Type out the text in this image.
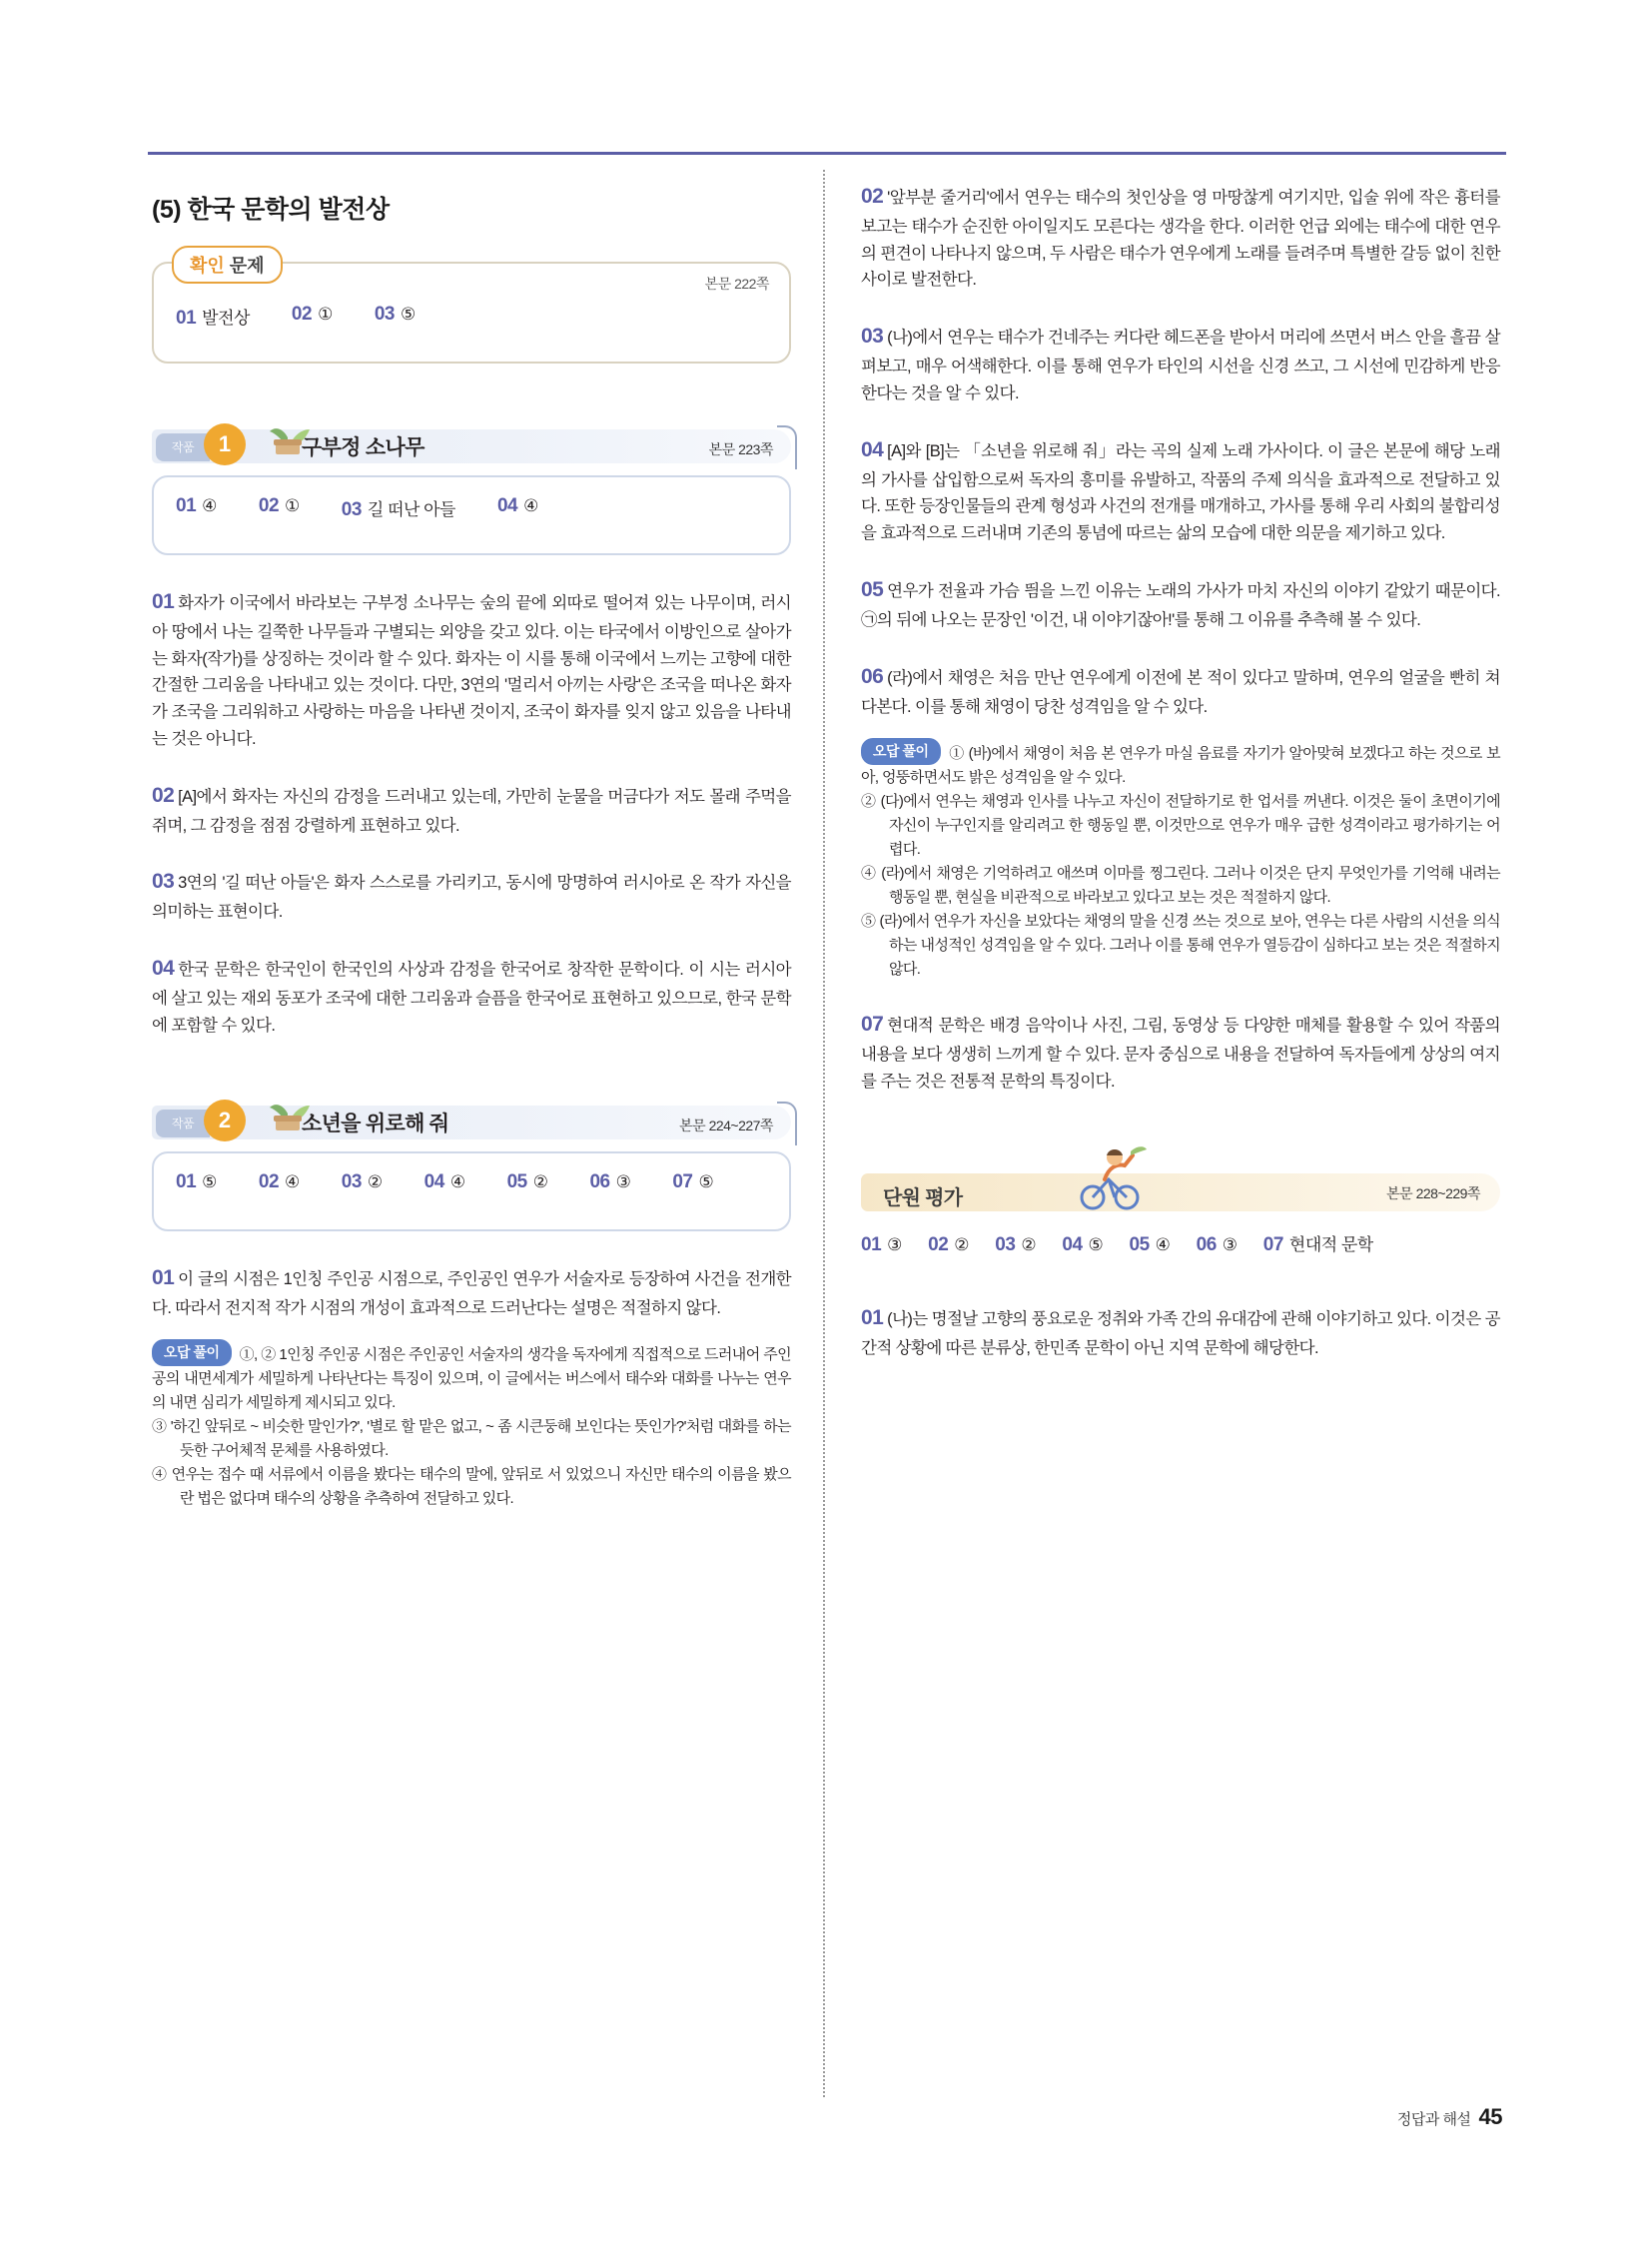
(5) 한국 문학의 발전상
확인 문제
본문 222쪽
01 발전상 02 ① 03 ⑤
작품	1	구부정 소나무	본문 223쪽
01 ④ 02 ① 03 길 떠난 아들 04 ④

01 화자가 이국에서 바라보는 구부정 소나무는 숲의 끝에 외따로 떨어져 있는 나무이며, 러시아 땅에서 나는 길쭉한 나무들과 구별되는 외양을 갖고 있다. 이는 타국에서 이방인으로 살아가는 화자(작가)를 상징하는 것이라 할 수 있다. 화자는 이 시를 통해 이국에서 느끼는 고향에 대한 간절한 그리움을 나타내고 있는 것이다. 다만, 3연의 '멀리서 아끼는 사랑'은 조국을 떠나온 화자가 조국을 그리워하고 사랑하는 마음을 나타낸 것이지, 조국이 화자를 잊지 않고 있음을 나타내는 것은 아니다.

02 [A]에서 화자는 자신의 감정을 드러내고 있는데, 가만히 눈물을 머금다가 저도 몰래 주먹을 쥐며, 그 감정을 점점 강렬하게 표현하고 있다.

03 3연의 '길 떠난 아들'은 화자 스스로를 가리키고, 동시에 망명하여 러시아로 온 작가 자신을 의미하는 표현이다.

04 한국 문학은 한국인이 한국인의 사상과 감정을 한국어로 창작한 문학이다. 이 시는 러시아에 살고 있는 재외 동포가 조국에 대한 그리움과 슬픔을 한국어로 표현하고 있으므로, 한국 문학에 포함할 수 있다.

작품	2	소년을 위로해 줘	본문 224~227쪽
01 ⑤ 02 ④ 03 ② 04 ④ 05 ② 06 ③ 07 ⑤

01 이 글의 시점은 1인칭 주인공 시점으로, 주인공인 연우가 서술자로 등장하여 사건을 전개한다. 따라서 전지적 작가 시점의 개성이 효과적으로 드러난다는 설명은 적절하지 않다.

오답 풀이 ①, ② 1인칭 주인공 시점은 주인공인 서술자의 생각을 독자에게 직접적으로 드러내어 주인공의 내면세계가 세밀하게 나타난다는 특징이 있으며, 이 글에서는 버스에서 태수와 대화를 나누는 연우의 내면 심리가 세밀하게 제시되고 있다.
③ '하긴 앞뒤로 ~ 비슷한 말인가?', '별로 할 맡은 없고, ~ 좀 시큰둥해 보인다는 뜻인가?'처럼 대화를 하는 듯한 구어체적 문체를 사용하였다.
④ 연우는 접수 때 서류에서 이름을 봤다는 태수의 말에, 앞뒤로 서 있었으니 자신만 태수의 이름을 봤으란 법은 없다며 태수의 상황을 추측하여 전달하고 있다.

02 '앞부분 줄거리'에서 연우는 태수의 첫인상을 영 마땅찮게 여기지만, 입술 위에 작은 흉터를 보고는 태수가 순진한 아이일지도 모른다는 생각을 한다. 이러한 언급 외에는 태수에 대한 연우의 편견이 나타나지 않으며, 두 사람은 태수가 연우에게 노래를 들려주며 특별한 갈등 없이 친한 사이로 발전한다.

03 (나)에서 연우는 태수가 건네주는 커다란 헤드폰을 받아서 머리에 쓰면서 버스 안을 흘끔 살펴보고, 매우 어색해한다. 이를 통해 연우가 타인의 시선을 신경 쓰고, 그 시선에 민감하게 반응한다는 것을 알 수 있다.

04 [A]와 [B]는 「소년을 위로해 줘」라는 곡의 실제 노래 가사이다. 이 글은 본문에 해당 노래의 가사를 삽입함으로써 독자의 흥미를 유발하고, 작품의 주제 의식을 효과적으로 전달하고 있다. 또한 등장인물들의 관계 형성과 사건의 전개를 매개하고, 가사를 통해 우리 사회의 불합리성을 효과적으로 드러내며 기존의 통념에 따르는 삶의 모습에 대한 의문을 제기하고 있다.

05 연우가 전율과 가슴 띔을 느낀 이유는 노래의 가사가 마치 자신의 이야기 같았기 때문이다. ㉠의 뒤에 나오는 문장인 '이건, 내 이야기잖아!'를 통해 그 이유를 추측해 볼 수 있다.

06 (라)에서 채영은 처음 만난 연우에게 이전에 본 적이 있다고 말하며, 연우의 얼굴을 빤히 쳐다본다. 이를 통해 채영이 당찬 성격임을 알 수 있다.

오답 풀이 ① (바)에서 채영이 처음 본 연우가 마실 음료를 자기가 알아맞혀 보겠다고 하는 것으로 보아, 엉뚱하면서도 밝은 성격임을 알 수 있다.
② (다)에서 연우는 채영과 인사를 나누고 자신이 전달하기로 한 업서를 꺼낸다. 이것은 둘이 초면이기에 자신이 누구인지를 알리려고 한 행동일 뿐, 이것만으로 연우가 매우 급한 성격이라고 평가하기는 어렵다.
④ (라)에서 채영은 기억하려고 애쓰며 이마를 찡그린다. 그러나 이것은 단지 무엇인가를 기억해 내려는 행동일 뿐, 현실을 비관적으로 바라보고 있다고 보는 것은 적절하지 않다.
⑤ (라)에서 연우가 자신을 보았다는 채영의 말을 신경 쓰는 것으로 보아, 연우는 다른 사람의 시선을 의식하는 내성적인 성격임을 알 수 있다. 그러나 이를 통해 연우가 열등감이 심하다고 보는 것은 적절하지 않다.

07 현대적 문학은 배경 음악이나 사진, 그림, 동영상 등 다양한 매체를 활용할 수 있어 작품의 내용을 보다 생생히 느끼게 할 수 있다. 문자 중심으로 내용을 전달하여 독자들에게 상상의 여지를 주는 것은 전통적 문학의 특징이다.

단원 평가	본문 228~229쪽
01 ③ 02 ② 03 ② 04 ⑤ 05 ④ 06 ③ 07 현대적 문학

01 (나)는 명절날 고향의 풍요로운 정취와 가족 간의 유대감에 관해 이야기하고 있다. 이것은 공간적 상황에 따른 분류상, 한민족 문학이 아닌 지역 문학에 해당한다.

정답과 해설 45
